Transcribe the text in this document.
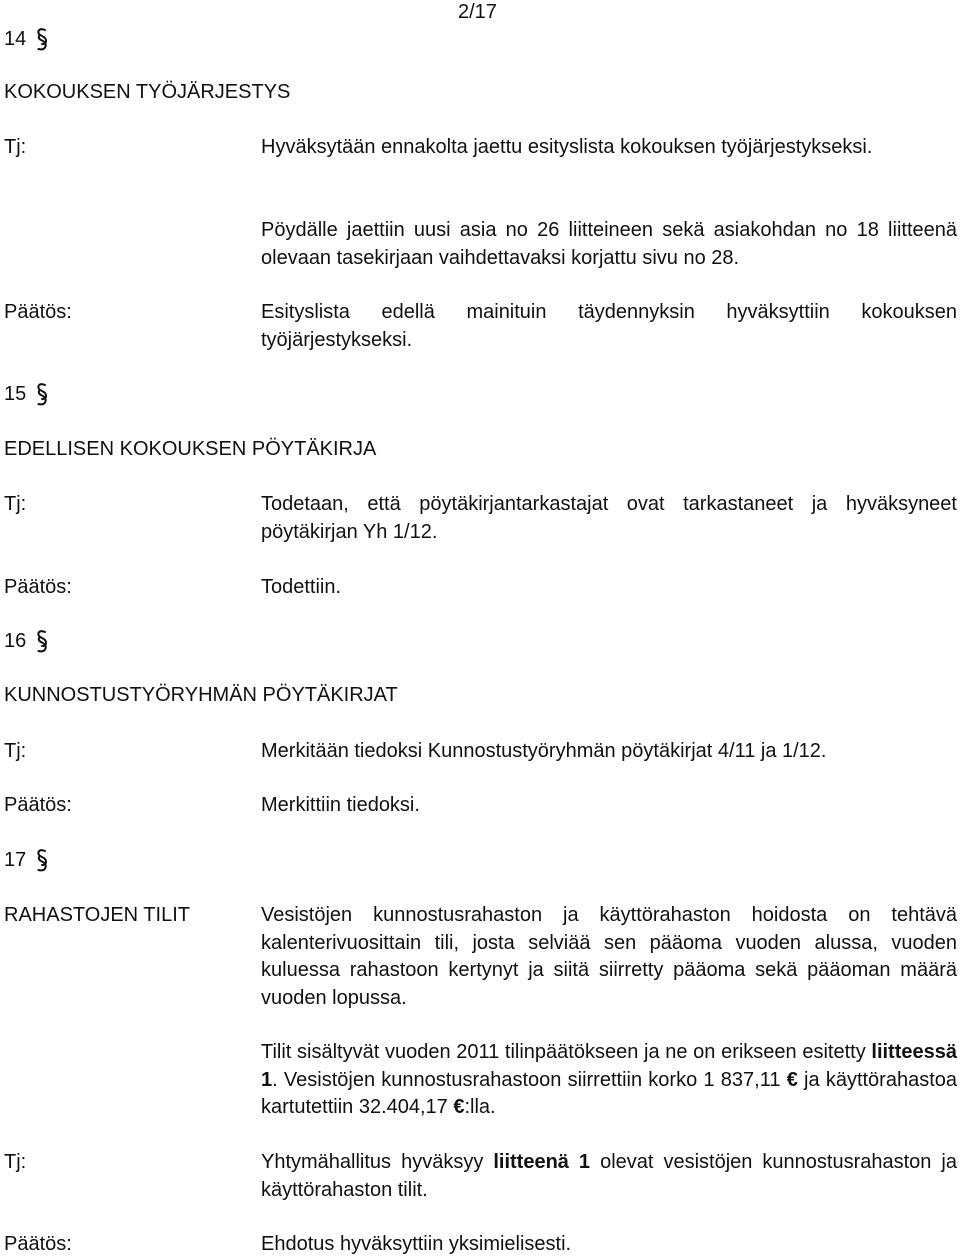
2/17
14
KOKOUKSEN TYÖJÄRJESTYS
Tj:	Hyväksytään ennakolta jaettu esityslista kokouksen työjärjestykseksi.
Pöydälle jaettiin uusi asia no 26 liitteineen sekä asiakohdan no 18 liitteenä olevaan tasekirjaan vaihdettavaksi korjattu sivu no 28.
Päätös:	Esityslista edellä mainituin täydennyksin hyväksyttiin kokouksen työjärjestykseksi.
15
EDELLISEN KOKOUKSEN PÖYTÄKIRJA
Tj:	Todetaan, että pöytäkirjantarkastajat ovat tarkastaneet ja hyväksyneet pöytäkirjan Yh 1/12.
Päätös:	Todettiin.
16
KUNNOSTUSTYÖRYHMÄN PÖYTÄKIRJAT
Tj:	Merkitään tiedoksi Kunnostustyöryhmän pöytäkirjat 4/11 ja 1/12.
Päätös:	Merkittiin tiedoksi.
17
RAHASTOJEN TILIT	Vesistöjen kunnostusrahaston ja käyttörahaston hoidosta on tehtävä kalenterivuosittain tili, josta selviää sen pääoma vuoden alussa, vuoden kuluessa rahastoon kertynyt ja siitä siirretty pääoma sekä pääoman määrä vuoden lopussa.
Tilit sisältyvät vuoden 2011 tilinpäätökseen ja ne on erikseen esitetty liitteessä 1. Vesistöjen kunnostusrahastoon siirrettiin korko 1 837,11 € ja käyttörahastoa kartutettiin 32.404,17 €:lla.
Tj:	Yhtymähallitus hyväksyy liitteenä 1 olevat vesistöjen kunnostusrahaston ja käyttörahaston tilit.
Päätös:	Ehdotus hyväksyttiin yksimielisesti.
